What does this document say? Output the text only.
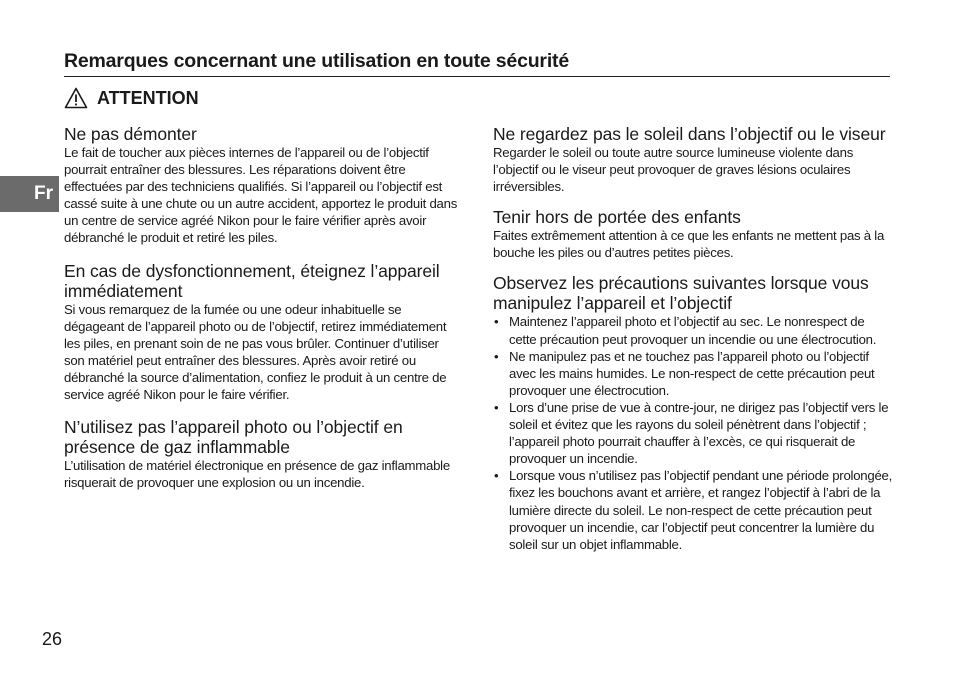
Remarques concernant une utilisation en toute sécurité
ATTENTION
Fr
Ne pas démonter

Le fait de toucher aux pièces internes de l’appareil ou de l’objectif pourrait entraîner des blessures. Les réparations doivent être effectuées par des techniciens qualifiés. Si l’appareil ou l’objectif est cassé suite à une chute ou un autre accident, apportez le produit dans un centre de service agréé Nikon pour le faire vérifier après avoir débranché le produit et retiré les piles.

En cas de dysfonctionnement, éteignez l’appareil immédiatement

Si vous remarquez de la fumée ou une odeur inhabituelle se dégageant de l’appareil photo ou de l’objectif, retirez immédiatement les piles, en prenant soin de ne pas vous brûler. Continuer d’utiliser son matériel peut entraîner des blessures. Après avoir retiré ou débranché la source d’alimentation, confiez le produit à un centre de service agréé Nikon pour le faire vérifier.

N’utilisez pas l’appareil photo ou l’objectif en présence de gaz inflammable

L’utilisation de matériel électronique en présence de gaz inflammable risquerait de provoquer une explosion ou un incendie.

Ne regardez pas le soleil dans l’objectif ou le viseur

Regarder le soleil ou toute autre source lumineuse violente dans l’objectif ou le viseur peut provoquer de graves lésions oculaires irréversibles.

Tenir hors de portée des enfants

Faites extrêmement attention à ce que les enfants ne mettent pas à la bouche les piles ou d’autres petites pièces.

Observez les précautions suivantes lorsque vous manipulez l’appareil et l’objectif
• Maintenez l’appareil photo et l’objectif au sec. Le nonrespect de cette précaution peut provoquer un incendie ou une électrocution.
• Ne manipulez pas et ne touchez pas l’appareil photo ou l’objectif avec les mains humides. Le non-respect de cette précaution peut provoquer une électrocution.
• Lors d’une prise de vue à contre-jour, ne dirigez pas l’objectif vers le soleil et évitez que les rayons du soleil pénètrent dans l’objectif ; l’appareil photo pourrait chauffer à l’excès, ce qui risquerait de provoquer un incendie.
• Lorsque vous n’utilisez pas l’objectif pendant une période prolongée, fixez les bouchons avant et arrière, et rangez l’objectif à l’abri de la lumière directe du soleil. Le non-respect de cette précaution peut provoquer un incendie, car l’objectif peut concentrer la lumière du soleil sur un objet inflammable.
26
